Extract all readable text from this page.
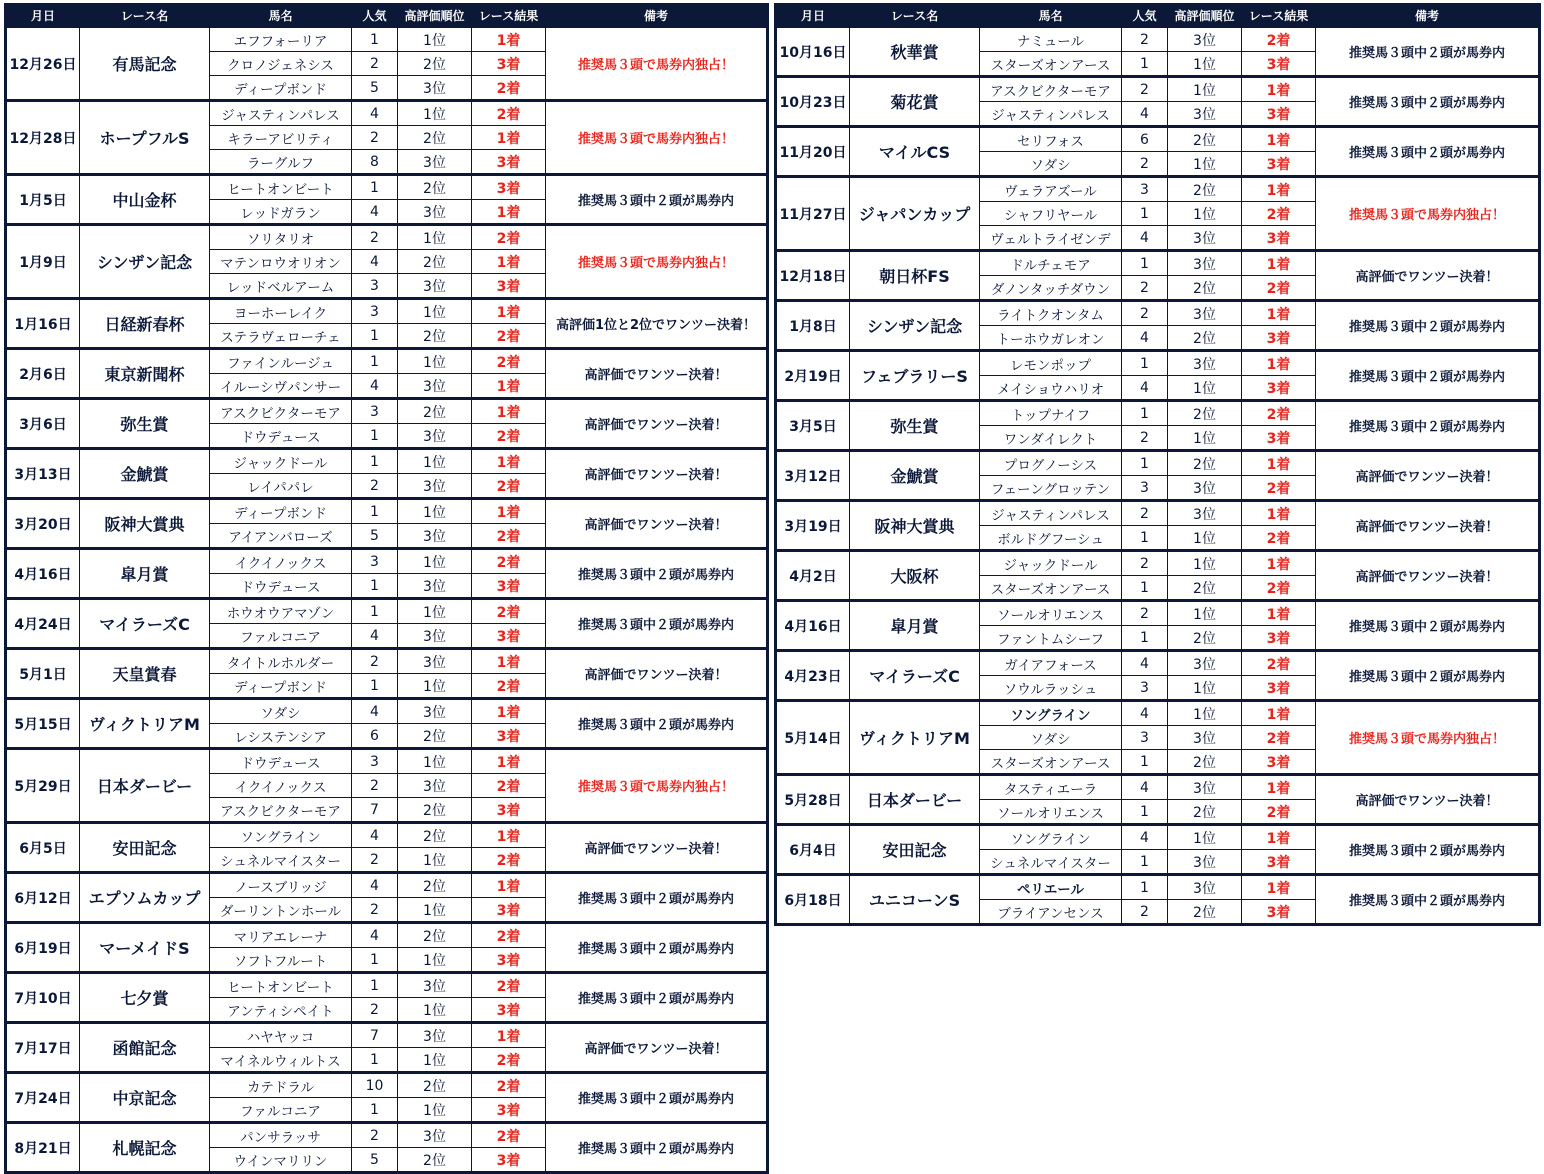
月日	レース名	馬名	人気	高評価順位	レース結果	備考
12月26日	有馬記念	エフフォーリア	1	1位	1着	推奨馬３頭で馬券内独占！
		クロノジェネシス	2	2位	3着	
		ディープボンド	5	3位	2着	
12月28日	ホープフルS	ジャスティンパレス	4	1位	2着	推奨馬３頭で馬券内独占！
		キラーアビリティ	2	2位	1着	
		ラーグルフ	8	3位	3着	
1月5日	中山金杯	ヒートオンビート	1	2位	3着	推奨馬３頭中２頭が馬券内
		レッドガラン	4	3位	1着	
1月9日	シンザン記念	ソリタリオ	2	1位	2着	推奨馬３頭で馬券内独占！
		マテンロウオリオン	4	2位	1着	
		レッドベルアーム	3	3位	3着	
1月16日	日経新春杯	ヨーホーレイク	3	1位	1着	高評価1位と2位でワンツー決着！
		ステラヴェローチェ	1	2位	2着	
2月6日	東京新聞杯	ファインルージュ	1	1位	2着	高評価でワンツー決着！
		イルーシヴパンサー	4	3位	1着	
3月6日	弥生賞	アスクビクターモア	3	2位	1着	高評価でワンツー決着！
		ドウデュース	1	3位	2着	
3月13日	金鯱賞	ジャックドール	1	1位	1着	高評価でワンツー決着！
		レイパパレ	2	3位	2着	
3月20日	阪神大賞典	ディープボンド	1	1位	1着	高評価でワンツー決着！
		アイアンバローズ	5	3位	2着	
4月16日	皐月賞	イクイノックス	3	1位	2着	推奨馬３頭中２頭が馬券内
		ドウデュース	1	3位	3着	
4月24日	マイラーズC	ホウオウアマゾン	1	1位	2着	推奨馬３頭中２頭が馬券内
		ファルコニア	4	3位	3着	
5月1日	天皇賞春	タイトルホルダー	2	3位	1着	高評価でワンツー決着！
		ディープボンド	1	1位	2着	
5月15日	ヴィクトリアM	ソダシ	4	3位	1着	推奨馬３頭中２頭が馬券内
		レシステンシア	6	2位	3着	
5月29日	日本ダービー	ドウデュース	3	1位	1着	推奨馬３頭で馬券内独占！
		イクイノックス	2	3位	2着	
		アスクビクターモア	7	2位	3着	
6月5日	安田記念	ソングライン	4	2位	1着	高評価でワンツー決着！
		シュネルマイスター	2	1位	2着	
6月12日	エプソムカップ	ノースブリッジ	4	2位	1着	推奨馬３頭中２頭が馬券内
		ダーリントンホール	2	1位	3着	
6月19日	マーメイドS	マリアエレーナ	4	2位	2着	推奨馬３頭中２頭が馬券内
		ソフトフルート	1	1位	3着	
7月10日	七夕賞	ヒートオンビート	1	3位	2着	推奨馬３頭中２頭が馬券内
		アンティシペイト	2	1位	3着	
7月17日	函館記念	ハヤヤッコ	7	3位	1着	高評価でワンツー決着！
		マイネルウィルトス	1	1位	2着	
7月24日	中京記念	カテドラル	10	2位	2着	推奨馬３頭中２頭が馬券内
		ファルコニア	1	1位	3着	
8月21日	札幌記念	パンサラッサ	2	3位	2着	推奨馬３頭中２頭が馬券内
		ウインマリリン	5	2位	3着	
月日	レース名	馬名	人気	高評価順位	レース結果	備考
10月16日	秋華賞	ナミュール	2	3位	2着	推奨馬３頭中２頭が馬券内
		スターズオンアース	1	1位	3着	
10月23日	菊花賞	アスクビクターモア	2	1位	1着	推奨馬３頭中２頭が馬券内
		ジャスティンパレス	4	3位	3着	
11月20日	マイルCS	セリフォス	6	2位	1着	推奨馬３頭中２頭が馬券内
		ソダシ	2	1位	3着	
11月27日	ジャパンカップ	ヴェラアズール	3	2位	1着	推奨馬３頭で馬券内独占！
		シャフリヤール	1	1位	2着	
		ヴェルトライゼンデ	4	3位	3着	
12月18日	朝日杯FS	ドルチェモア	1	3位	1着	高評価でワンツー決着！
		ダノンタッチダウン	2	2位	2着	
1月8日	シンザン記念	ライトクオンタム	2	3位	1着	推奨馬３頭中２頭が馬券内
		トーホウガレオン	4	2位	3着	
2月19日	フェブラリーS	レモンポップ	1	3位	1着	推奨馬３頭中２頭が馬券内
		メイショウハリオ	4	1位	3着	
3月5日	弥生賞	トップナイフ	1	2位	2着	推奨馬３頭中２頭が馬券内
		ワンダイレクト	2	1位	3着	
3月12日	金鯱賞	プログノーシス	1	2位	1着	高評価でワンツー決着！
		フェーングロッテン	3	3位	2着	
3月19日	阪神大賞典	ジャスティンパレス	2	3位	1着	高評価でワンツー決着！
		ボルドグフーシュ	1	1位	2着	
4月2日	大阪杯	ジャックドール	2	1位	1着	高評価でワンツー決着！
		スターズオンアース	1	2位	2着	
4月16日	皐月賞	ソールオリエンス	2	1位	1着	推奨馬３頭中２頭が馬券内
		ファントムシーフ	1	2位	3着	
4月23日	マイラーズC	ガイアフォース	4	3位	2着	推奨馬３頭中２頭が馬券内
		ソウルラッシュ	3	1位	3着	
5月14日	ヴィクトリアM	ソングライン	4	1位	1着	推奨馬３頭で馬券内独占！
		ソダシ	3	3位	2着	
		スターズオンアース	1	2位	3着	
5月28日	日本ダービー	タスティエーラ	4	3位	1着	高評価でワンツー決着！
		ソールオリエンス	1	2位	2着	
6月4日	安田記念	ソングライン	4	1位	1着	推奨馬３頭中２頭が馬券内
		シュネルマイスター	1	3位	3着	
6月18日	ユニコーンS	ペリエール	1	3位	1着	推奨馬３頭中２頭が馬券内
		ブライアンセンス	2	2位	3着	
